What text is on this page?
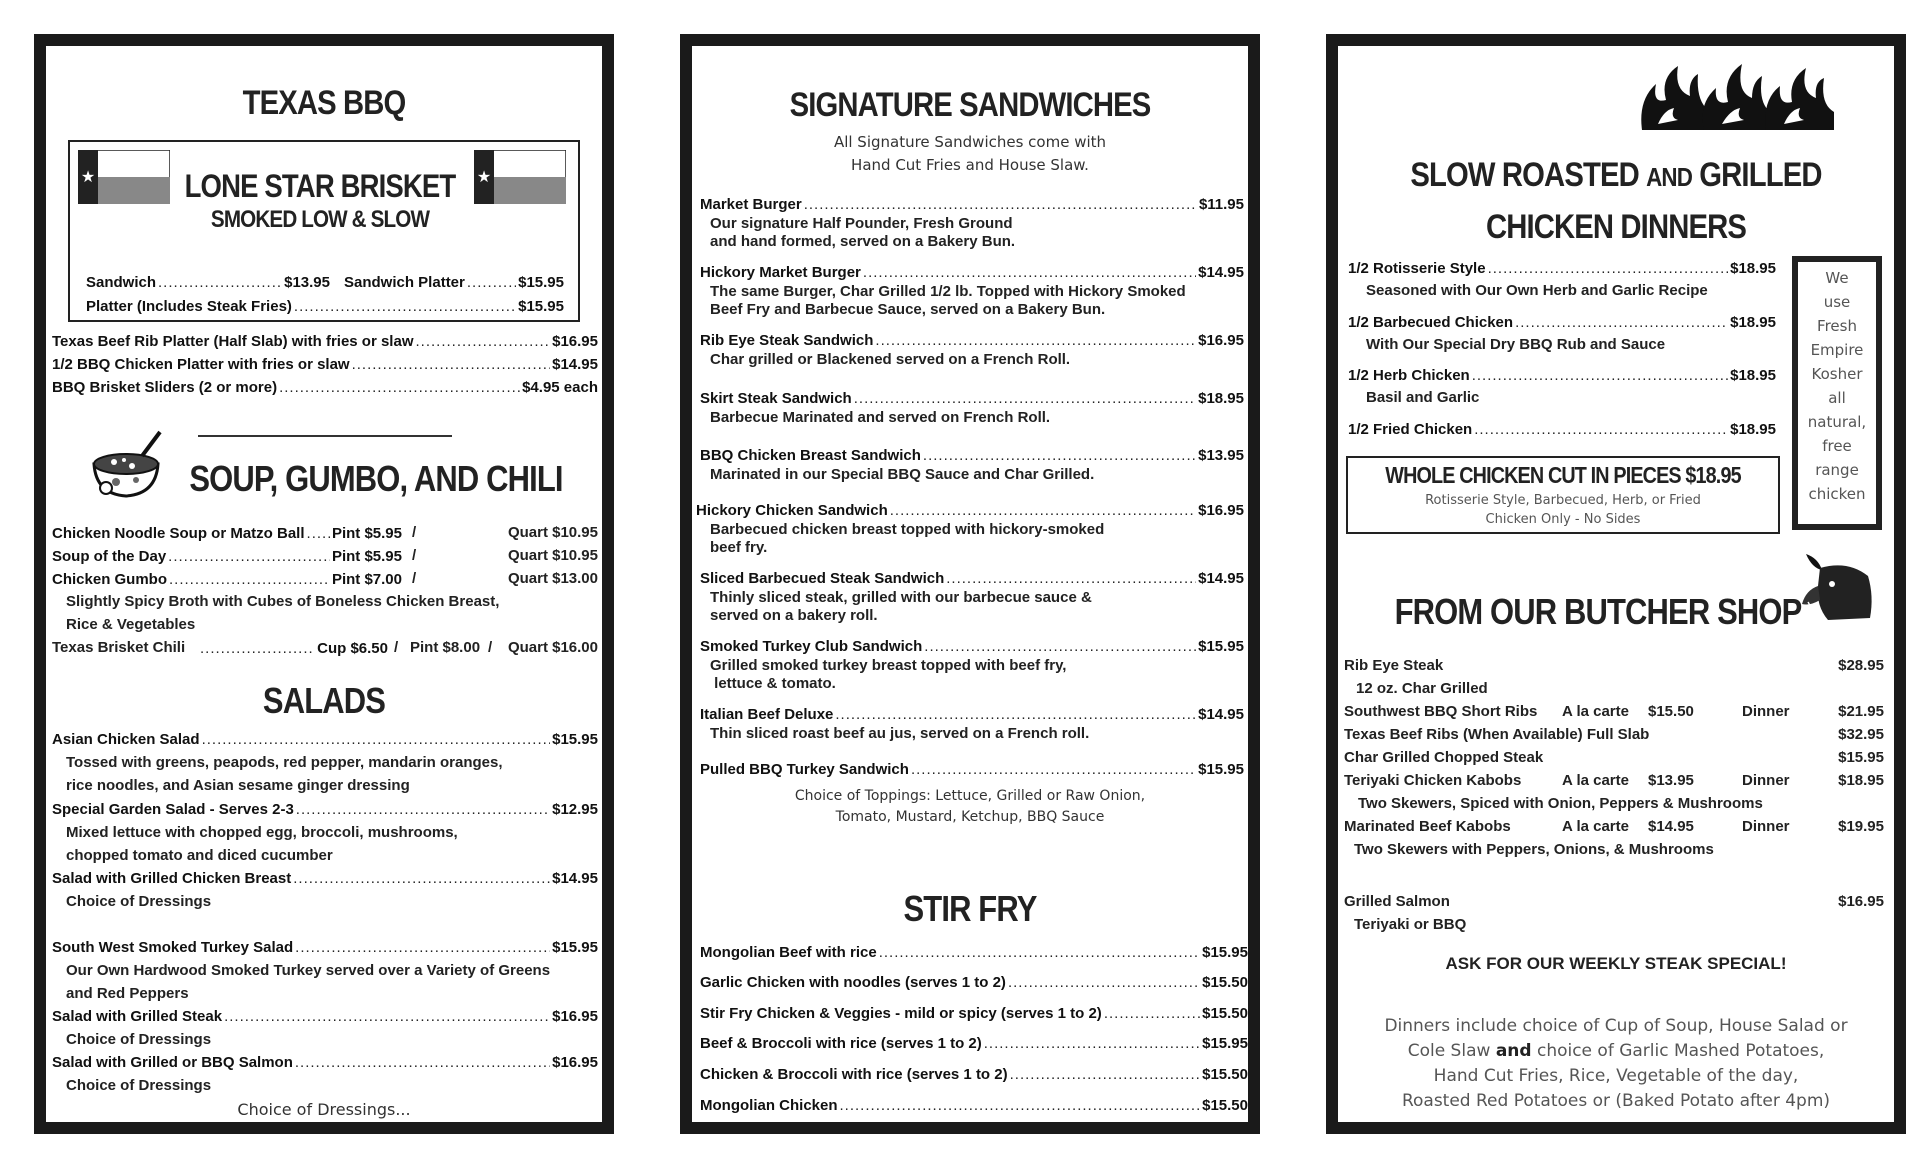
TEXAS BBQ
★	★
LONE STAR BRISKET
SMOKED LOW & SLOW
Sandwich .....	$13.95 Sandwich Platter .....	$15.95
Platter (Includes Steak Fries) .....	$15.95
Texas Beef Rib Platter (Half Slab) with fries or slaw .....	$16.95
1/2 BBQ Chicken Platter with fries or slaw .....	$14.95
BBQ Brisket Sliders (2 or more) .....	$4.95 each
SOUP, GUMBO, AND CHILI
Chicken Noodle Soup or Matzo Ball ..... Pint $5.95 /	Quart $10.95
Soup of the Day .....	Pint $5.95 /	Quart $10.95
Chicken Gumbo .....	Pint $7.00 /	Quart $13.00
Slightly Spicy Broth with Cubes of Boneless Chicken Breast,
Rice & Vegetables
Texas Brisket Chili .....	Cup $6.50 / Pint $8.00 /	Quart $16.00
SALADS
Asian Chicken Salad .....	$15.95
Tossed with greens, peapods, red pepper, mandarin oranges,
rice noodles, and Asian sesame ginger dressing
Special Garden Salad - Serves 2-3 .....	$12.95
Mixed lettuce with chopped egg, broccoli, mushrooms,
chopped tomato and diced cucumber
Salad with Grilled Chicken Breast .....	$14.95
Choice of Dressings
South West Smoked Turkey Salad .....	$15.95
Our Own Hardwood Smoked Turkey served over a Variety of Greens
and Red Peppers
Salad with Grilled Steak .....	$16.95
Choice of Dressings
Salad with Grilled or BBQ Salmon .....	$16.95
Choice of Dressings
Choice of Dressings...
Thousand Island • Honey Dijon • Italian • Asian Sesame Ginger
SIGNATURE SANDWICHES
All Signature Sandwiches come with
Hand Cut Fries and House Slaw.
Market Burger .....	$11.95
Our signature Half Pounder, Fresh Ground
and hand formed, served on a Bakery Bun.
Hickory Market Burger .....	$14.95
The same Burger, Char Grilled 1/2 lb. Topped with Hickory Smoked
Beef Fry and Barbecue Sauce, served on a Bakery Bun.
Rib Eye Steak Sandwich .....	$16.95
Char grilled or Blackened served on a French Roll.
Skirt Steak Sandwich .....	$18.95
Barbecue Marinated and served on French Roll.
BBQ Chicken Breast Sandwich .....	$13.95
Marinated in our Special BBQ Sauce and Char Grilled.
Hickory Chicken Sandwich .....	$16.95
Barbecued chicken breast topped with hickory-smoked
beef fry.
Sliced Barbecued Steak Sandwich .....	$14.95
Thinly sliced steak, grilled with our barbecue sauce &
served on a bakery roll.
Smoked Turkey Club Sandwich .....	$15.95
Grilled smoked turkey breast topped with beef fry,
lettuce & tomato.
Italian Beef Deluxe .....	$14.95
Thin sliced roast beef au jus, served on a French roll.
Pulled BBQ Turkey Sandwich .....	$15.95
Choice of Toppings: Lettuce, Grilled or Raw Onion,
Tomato, Mustard, Ketchup, BBQ Sauce
STIR FRY
Mongolian Beef with rice .....	$15.95
Garlic Chicken with noodles (serves 1 to 2) .....	$15.50
Stir Fry Chicken & Veggies - mild or spicy (serves 1 to 2) .....	$15.50
Beef & Broccoli with rice (serves 1 to 2) .....	$15.95
Chicken & Broccoli with rice (serves 1 to 2) .....	$15.50
Mongolian Chicken .....	$15.50
SLOW ROASTED AND GRILLED
CHICKEN DINNERS
1/2 Rotisserie Style .....	$18.95
Seasoned with Our Own Herb and Garlic Recipe
1/2 Barbecued Chicken .....	$18.95
With Our Special Dry BBQ Rub and Sauce
1/2 Herb Chicken .....	$18.95
Basil and Garlic
1/2 Fried Chicken .....	$18.95
We
use
Fresh
Empire
Kosher
all
natural,
free
range
chicken
WHOLE CHICKEN CUT IN PIECES $18.95
Rotisserie Style, Barbecued, Herb, or Fried
Chicken Only - No Sides
FROM OUR BUTCHER SHOP
Rib Eye Steak	$28.95
12 oz. Char Grilled
Southwest BBQ Short Ribs A la carte $15.50	Dinner	$21.95
Texas Beef Ribs (When Available) Full Slab	$32.95
Char Grilled Chopped Steak	$15.95
Teriyaki Chicken Kabobs	A la carte $13.95	Dinner	$18.95
Two Skewers, Spiced with Onion, Peppers & Mushrooms
Marinated Beef Kabobs	A la carte $14.95	Dinner	$19.95
Two Skewers with Peppers, Onions, & Mushrooms
Grilled Salmon	$16.95
Teriyaki or BBQ
ASK FOR OUR WEEKLY STEAK SPECIAL!
Dinners include choice of Cup of Soup, House Salad or
Cole Slaw and choice of Garlic Mashed Potatoes,
Hand Cut Fries, Rice, Vegetable of the day,
Roasted Red Potatoes or (Baked Potato after 4pm)
